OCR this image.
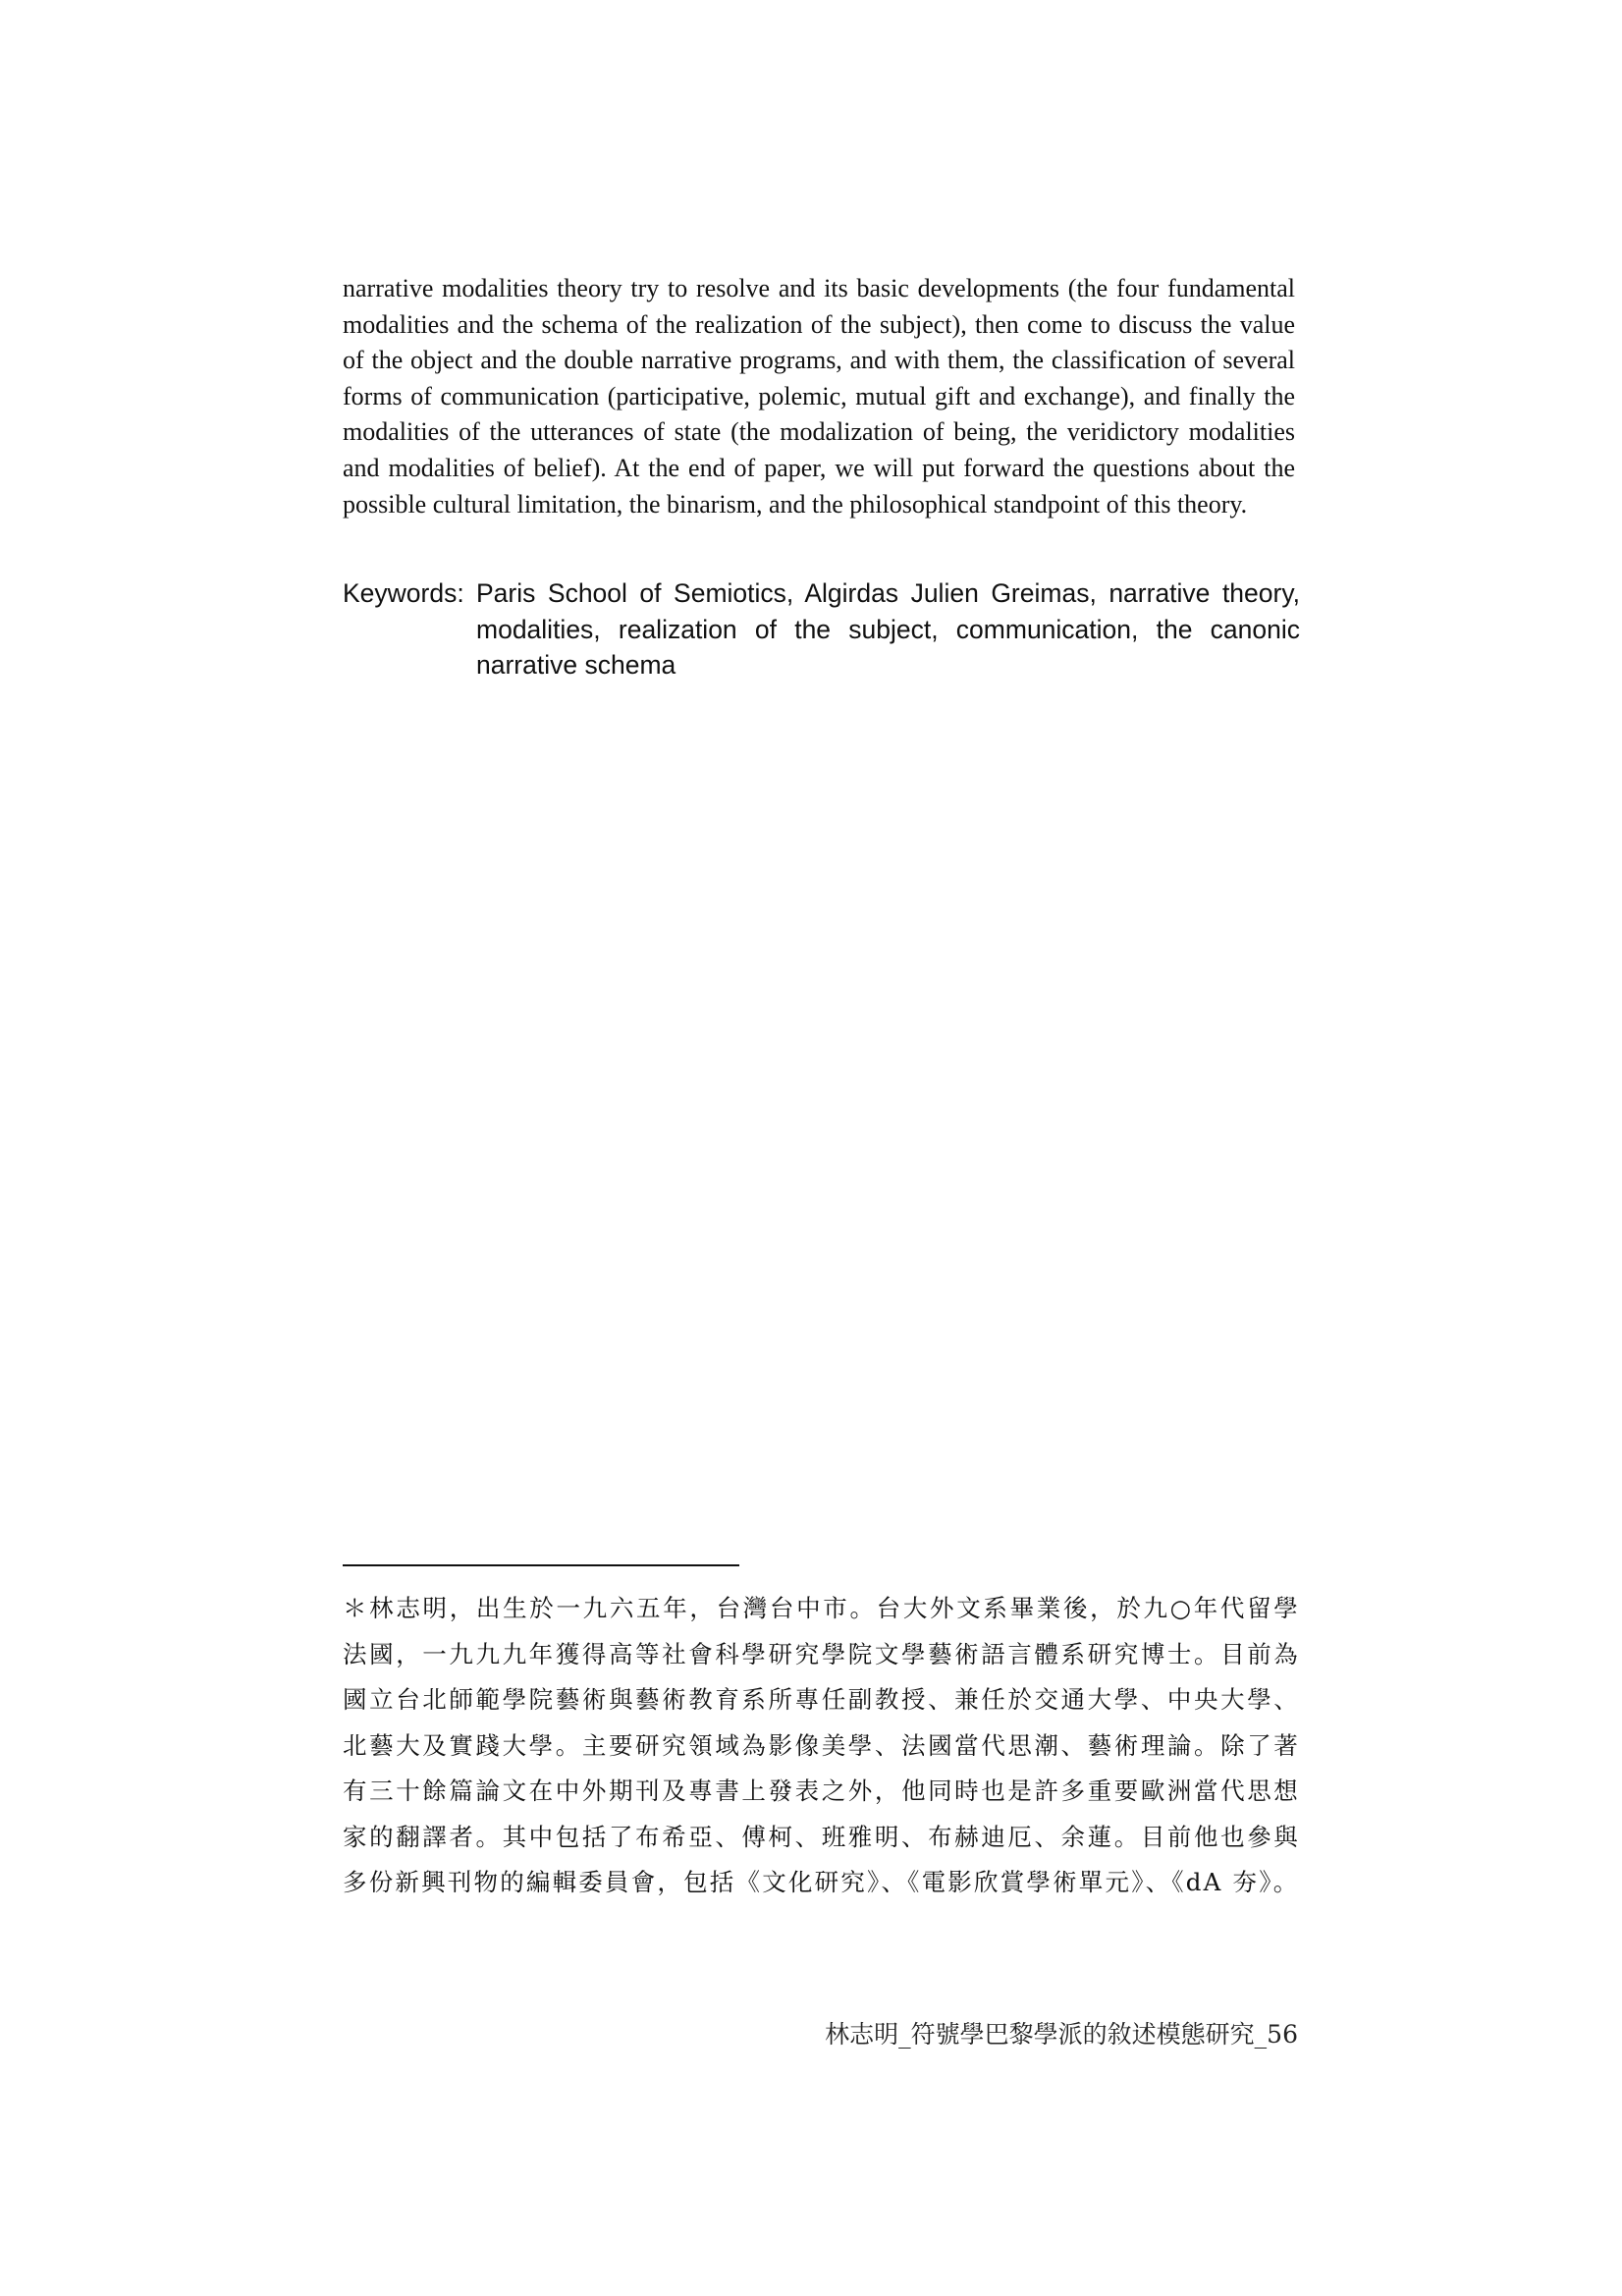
narrative modalities theory try to resolve and its basic developments (the four fundamental modalities and the schema of the realization of the subject), then come to discuss the value of the object and the double narrative programs, and with them, the classification of several forms of communication (participative, polemic, mutual gift and exchange), and finally the modalities of the utterances of state (the modalization of being, the veridictory modalities and modalities of belief). At the end of paper, we will put forward the questions about the possible cultural limitation, the binarism, and the philosophical standpoint of this theory.

Keywords: Paris School of Semiotics, Algirdas Julien Greimas, narrative theory, modalities, realization of the subject, communication, the canonic narrative schema

＊林志明，出生於一九六五年，台灣台中市。台大外文系畢業後，於九○年代留學法國，一九九九年獲得高等社會科學研究學院文學藝術語言體系研究博士。目前為國立台北師範學院藝術與藝術教育系所專任副教授、兼任於交通大學、中央大學、北藝大及實踐大學。主要研究領域為影像美學、法國當代思潮、藝術理論。除了著有三十餘篇論文在中外期刊及專書上發表之外，他同時也是許多重要歐洲當代思想家的翻譯者。其中包括了布希亞、傅柯、班雅明、布赫迪厄、余蓮。目前他也參與多份新興刊物的編輯委員會，包括《文化研究》、《電影欣賞學術單元》、《dA 夯》。

林志明_符號學巴黎學派的敘述模態研究_56
